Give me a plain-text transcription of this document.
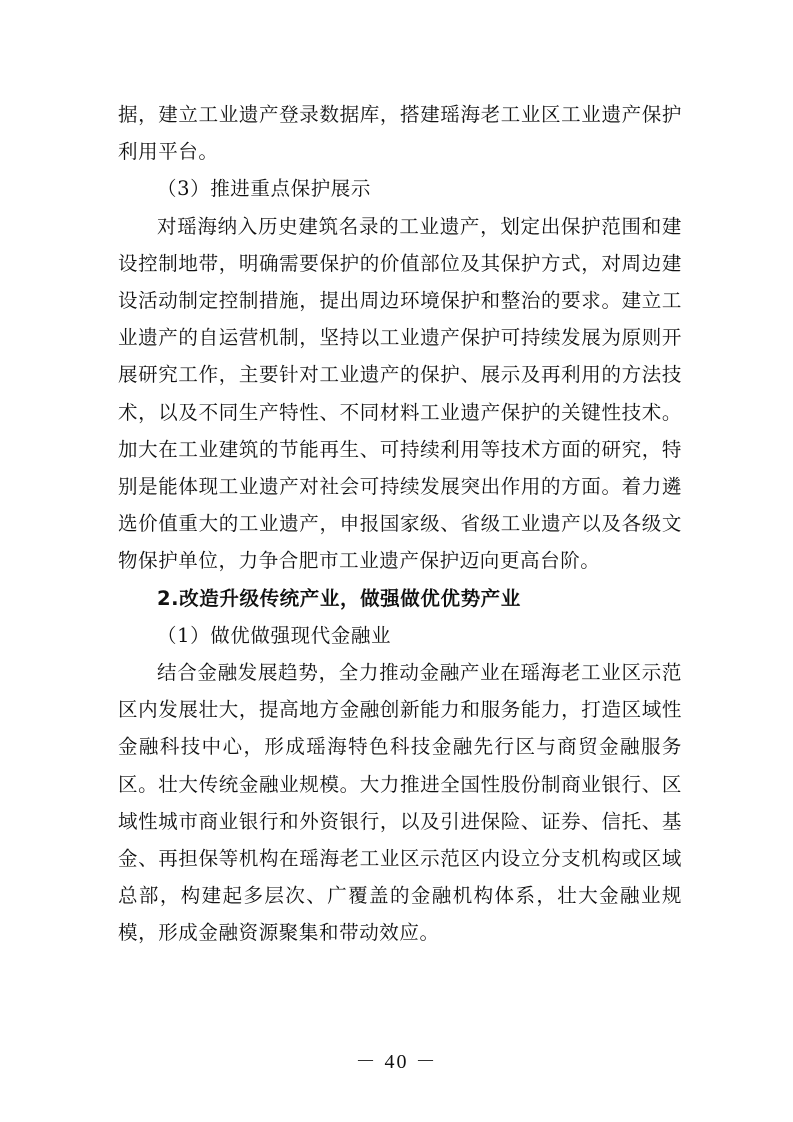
据，建立工业遗产登录数据库，搭建瑶海老工业区工业遗产保护利用平台。

（3）推进重点保护展示

对瑶海纳入历史建筑名录的工业遗产，划定出保护范围和建设控制地带，明确需要保护的价值部位及其保护方式，对周边建设活动制定控制措施，提出周边环境保护和整治的要求。建立工业遗产的自运营机制，坚持以工业遗产保护可持续发展为原则开展研究工作，主要针对工业遗产的保护、展示及再利用的方法技术，以及不同生产特性、不同材料工业遗产保护的关键性技术。加大在工业建筑的节能再生、可持续利用等技术方面的研究，特别是能体现工业遗产对社会可持续发展突出作用的方面。着力遴选价值重大的工业遗产，申报国家级、省级工业遗产以及各级文物保护单位，力争合肥市工业遗产保护迈向更高台阶。

2.改造升级传统产业，做强做优优势产业

（1）做优做强现代金融业

结合金融发展趋势，全力推动金融产业在瑶海老工业区示范区内发展壮大，提高地方金融创新能力和服务能力，打造区域性金融科技中心，形成瑶海特色科技金融先行区与商贸金融服务区。壮大传统金融业规模。大力推进全国性股份制商业银行、区域性城市商业银行和外资银行，以及引进保险、证券、信托、基金、再担保等机构在瑶海老工业区示范区内设立分支机构或区域总部，构建起多层次、广覆盖的金融机构体系，壮大金融业规模，形成金融资源聚集和带动效应。

－ 40 －
